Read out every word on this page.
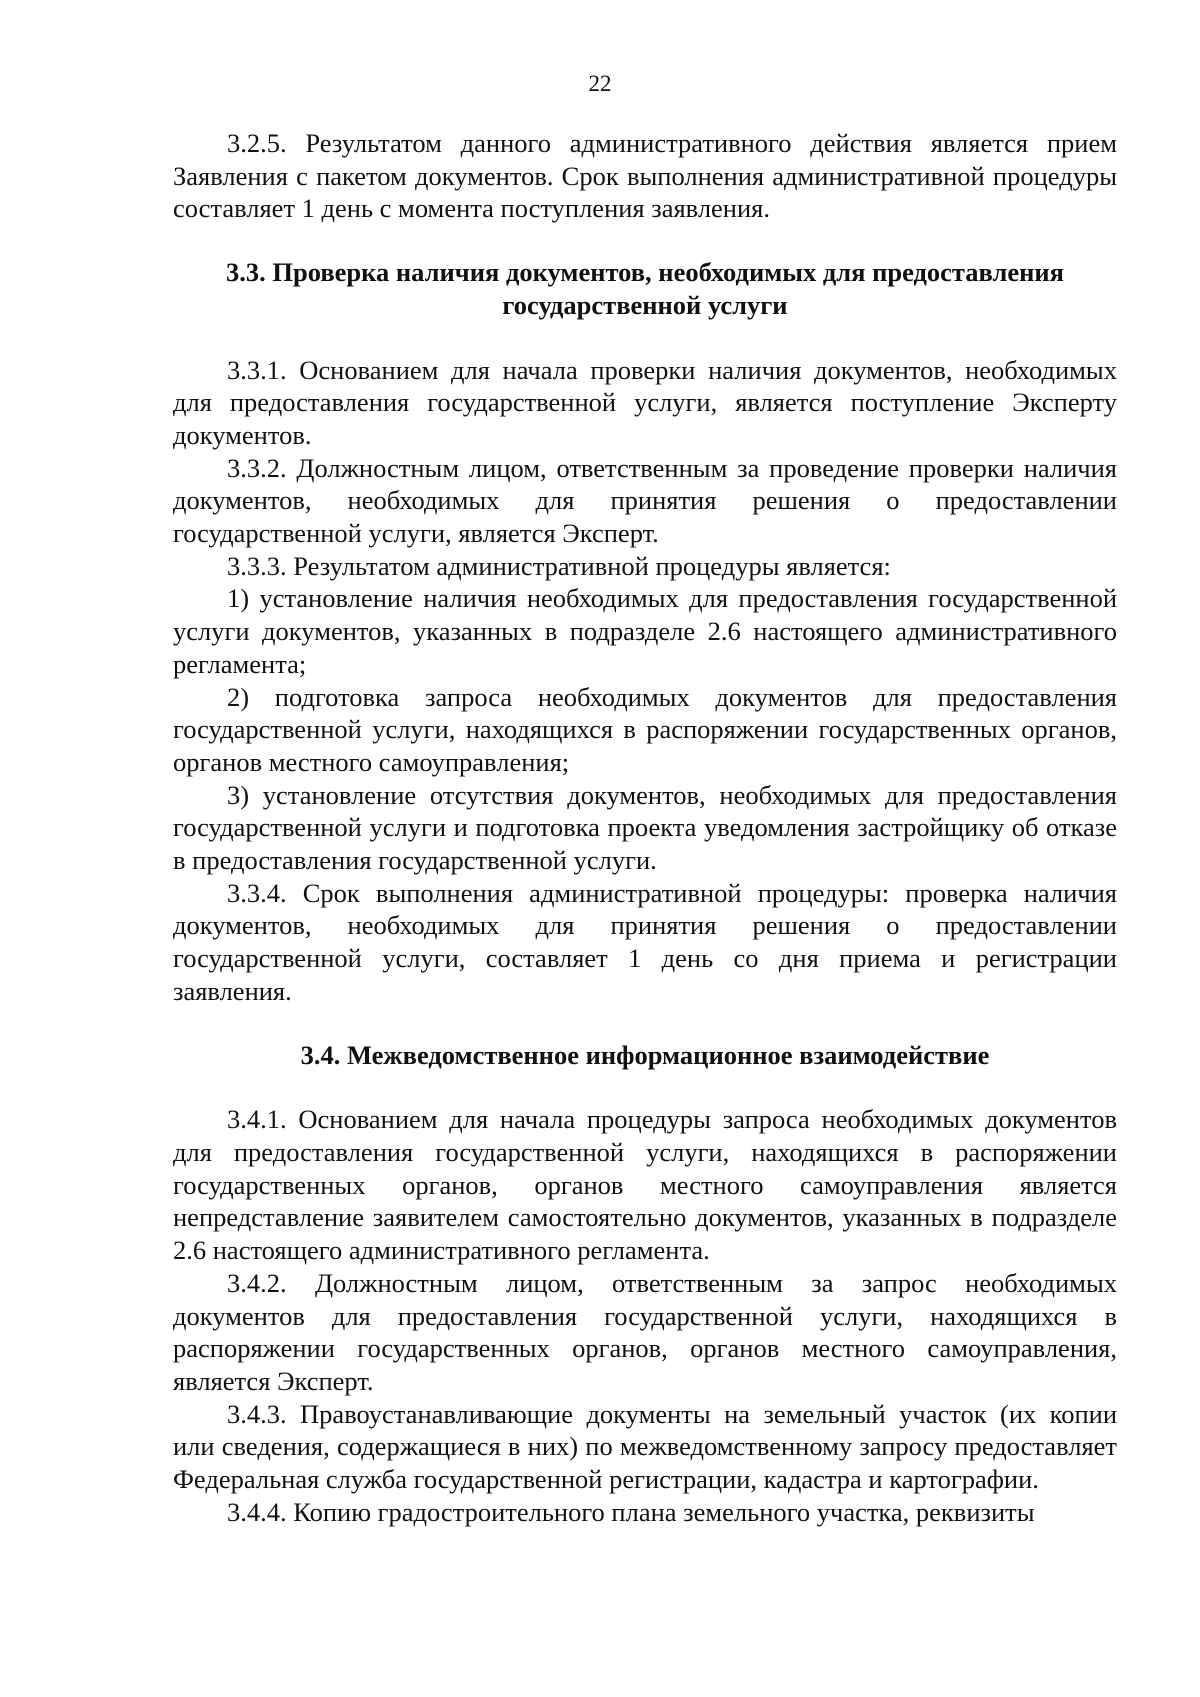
22

3.2.5. Результатом данного административного действия является прием Заявления с пакетом документов. Срок выполнения административной процедуры составляет 1 день с момента поступления заявления.

3.3. Проверка наличия документов, необходимых для предоставления государственной услуги

3.3.1. Основанием для начала проверки наличия документов, необходимых для предоставления государственной услуги, является поступление Эксперту документов.

3.3.2. Должностным лицом, ответственным за проведение проверки наличия документов, необходимых для принятия решения о предоставлении государственной услуги, является Эксперт.

3.3.3. Результатом административной процедуры является:

1) установление наличия необходимых для предоставления государственной услуги документов, указанных в подразделе 2.6 настоящего административного регламента;

2) подготовка запроса необходимых документов для предоставления государственной услуги, находящихся в распоряжении государственных органов, органов местного самоуправления;

3) установление отсутствия документов, необходимых для предоставления государственной услуги и подготовка проекта уведомления застройщику об отказе в предоставления государственной услуги.

3.3.4. Срок выполнения административной процедуры: проверка наличия документов, необходимых для принятия решения о предоставлении государственной услуги, составляет 1 день со дня приема и регистрации заявления.

3.4. Межведомственное информационное взаимодействие

3.4.1. Основанием для начала процедуры запроса необходимых документов для предоставления государственной услуги, находящихся в распоряжении государственных органов, органов местного самоуправления является непредставление заявителем самостоятельно документов, указанных в подразделе 2.6 настоящего административного регламента.

3.4.2. Должностным лицом, ответственным за запрос необходимых документов для предоставления государственной услуги, находящихся в распоряжении государственных органов, органов местного самоуправления, является Эксперт.

3.4.3. Правоустанавливающие документы на земельный участок (их копии или сведения, содержащиеся в них) по межведомственному запросу предоставляет Федеральная служба государственной регистрации, кадастра и картографии.

3.4.4. Копию градостроительного плана земельного участка, реквизиты
